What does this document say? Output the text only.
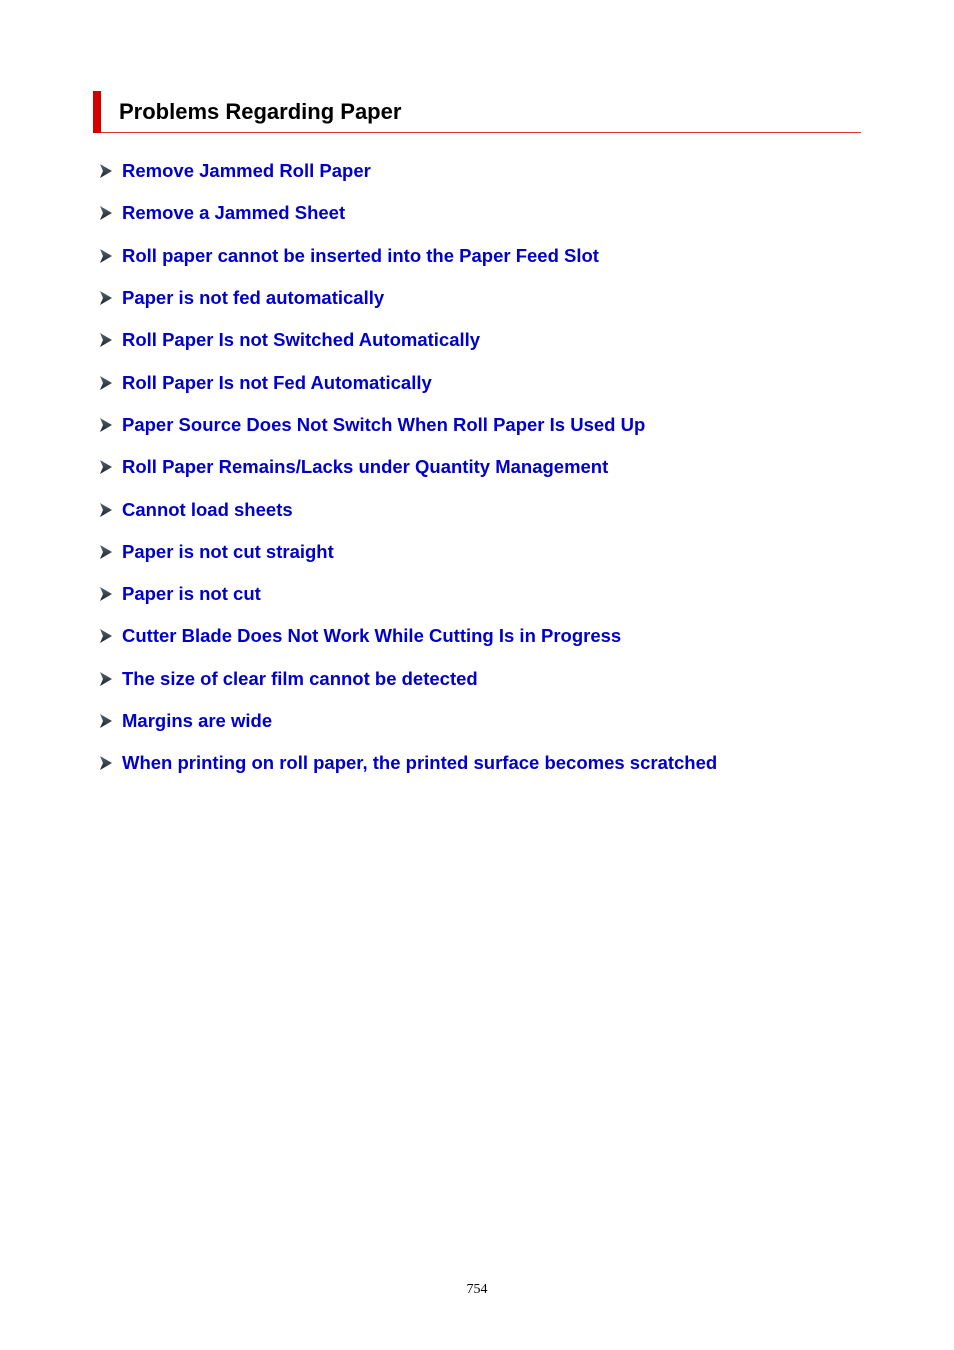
Problems Regarding Paper
Remove Jammed Roll Paper
Remove a Jammed Sheet
Roll paper cannot be inserted into the Paper Feed Slot
Paper is not fed automatically
Roll Paper Is not Switched Automatically
Roll Paper Is not Fed Automatically
Paper Source Does Not Switch When Roll Paper Is Used Up
Roll Paper Remains/Lacks under Quantity Management
Cannot load sheets
Paper is not cut straight
Paper is not cut
Cutter Blade Does Not Work While Cutting Is in Progress
The size of clear film cannot be detected
Margins are wide
When printing on roll paper, the printed surface becomes scratched
754
